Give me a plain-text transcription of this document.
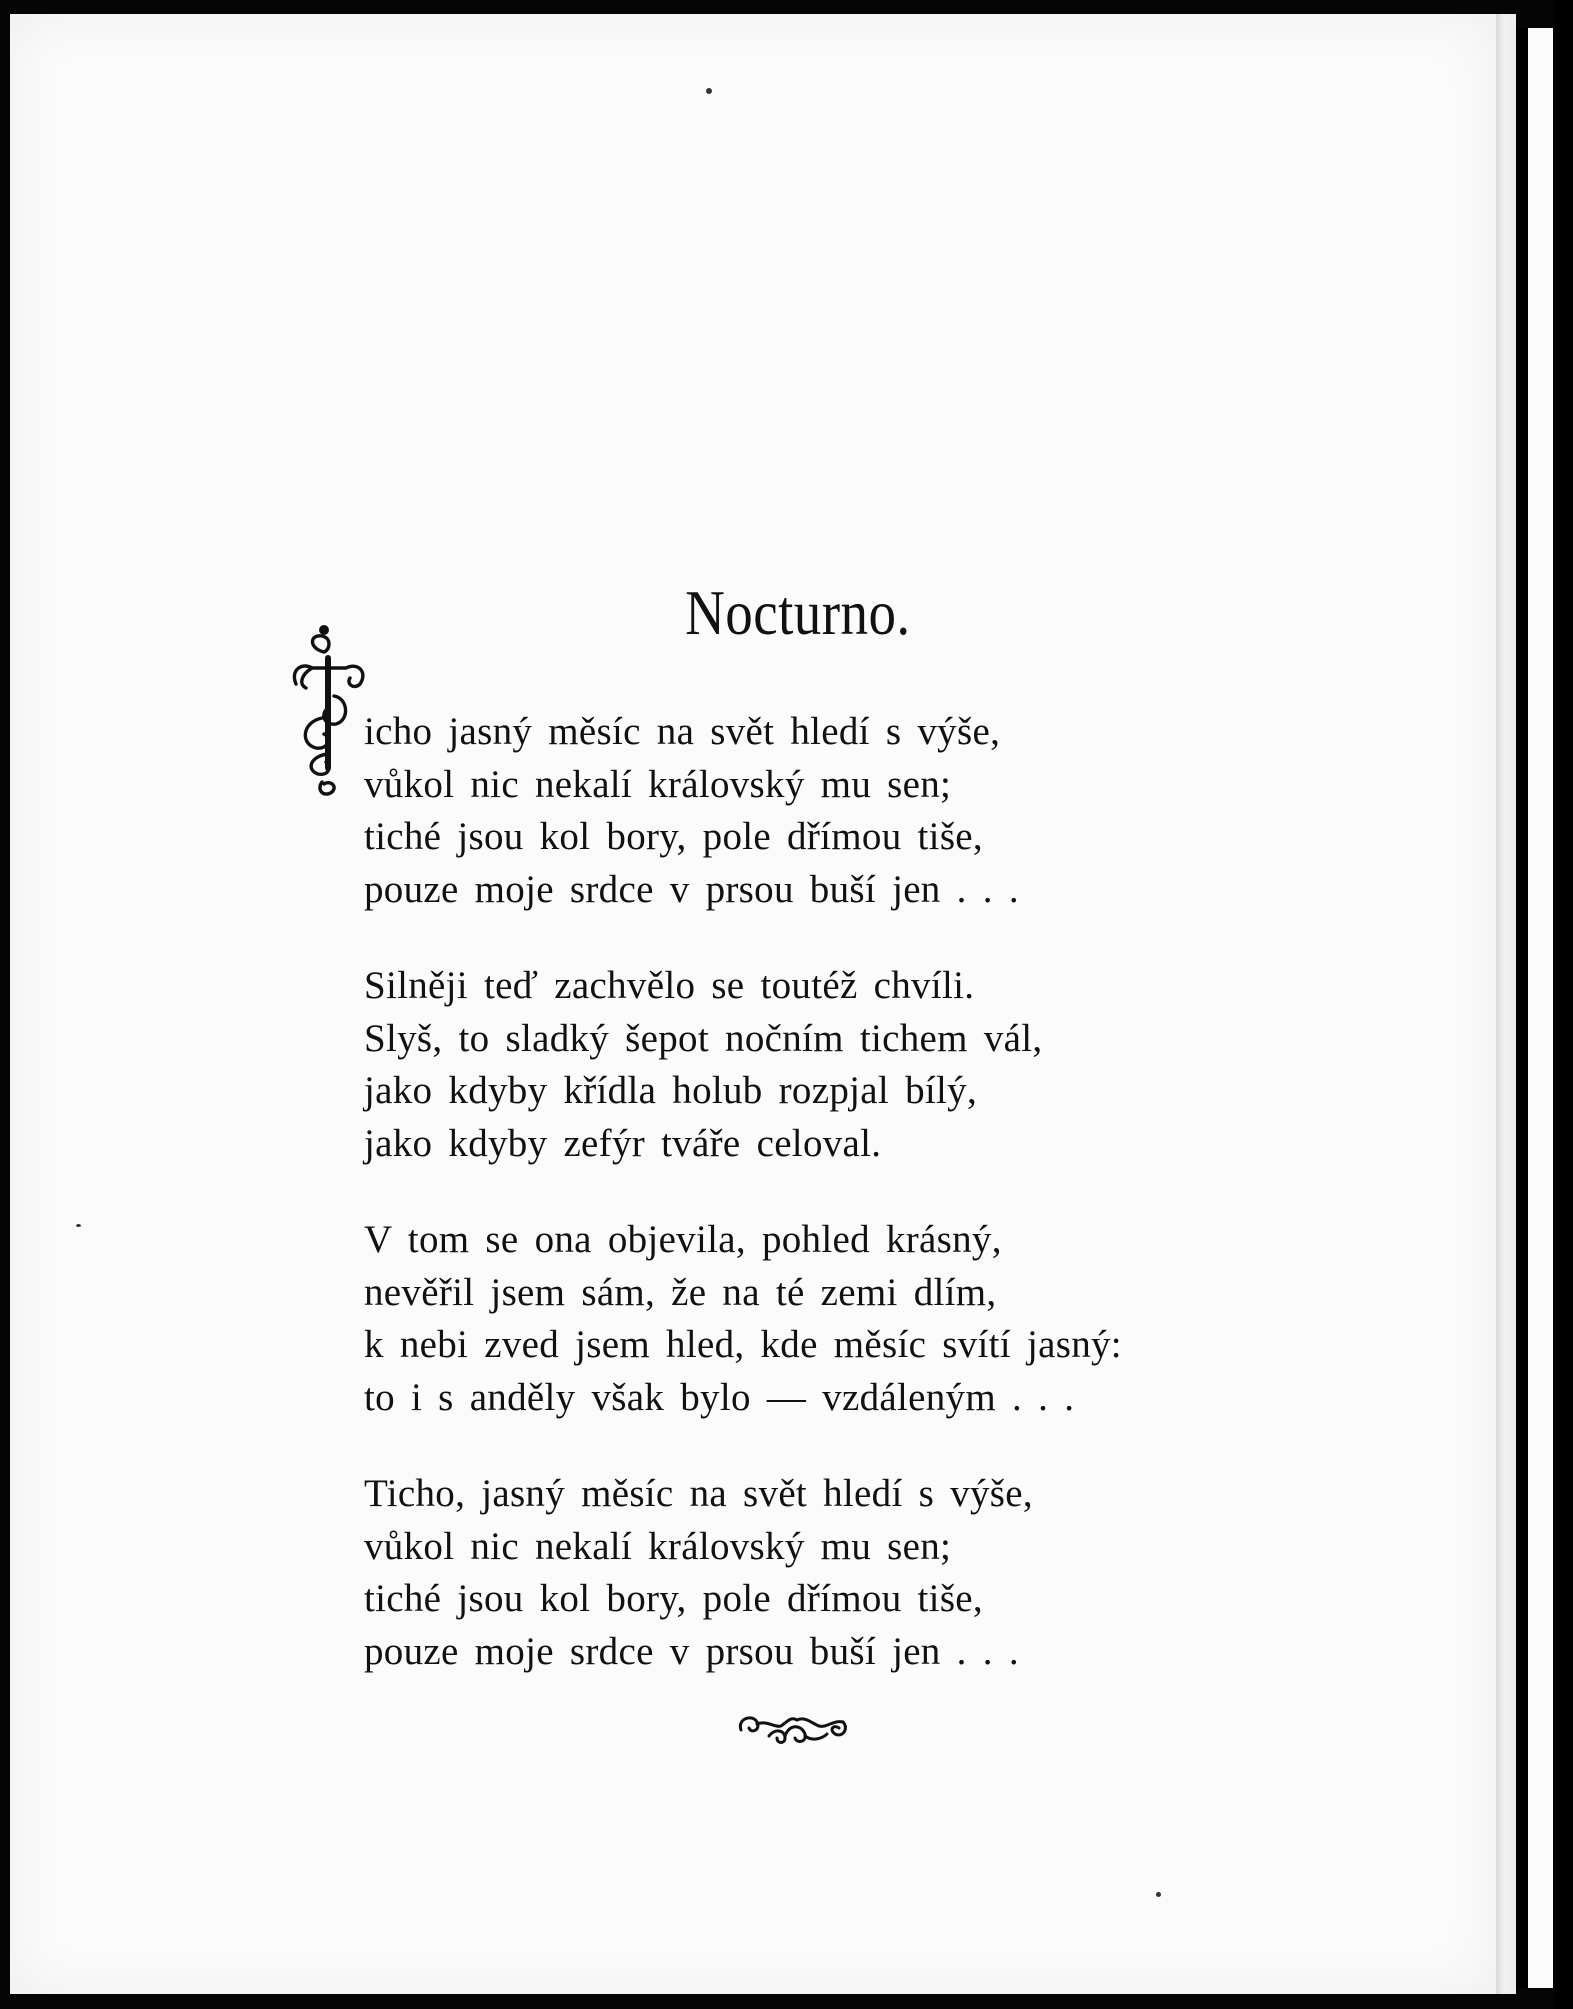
Nocturno.
icho jasný měsíc na svět hledí s výše,
vůkol nic nekalí královský mu sen;
tiché jsou kol bory, pole dřímou tiše,
pouze moje srdce v prsou buší jen . . .
Silněji teď zachvělo se toutéž chvíli.
Slyš, to sladký šepot nočním tichem vál,
jako kdyby křídla holub rozpjal bílý,
jako kdyby zefýr tváře celoval.
V tom se ona objevila, pohled krásný,
nevěřil jsem sám, že na té zemi dlím,
k nebi zved jsem hled, kde měsíc svítí jasný:
to i s anděly však bylo — vzdáleným . . .
Ticho, jasný měsíc na svět hledí s výše,
vůkol nic nekalí královský mu sen;
tiché jsou kol bory, pole dřímou tiše,
pouze moje srdce v prsou buší jen . . .
